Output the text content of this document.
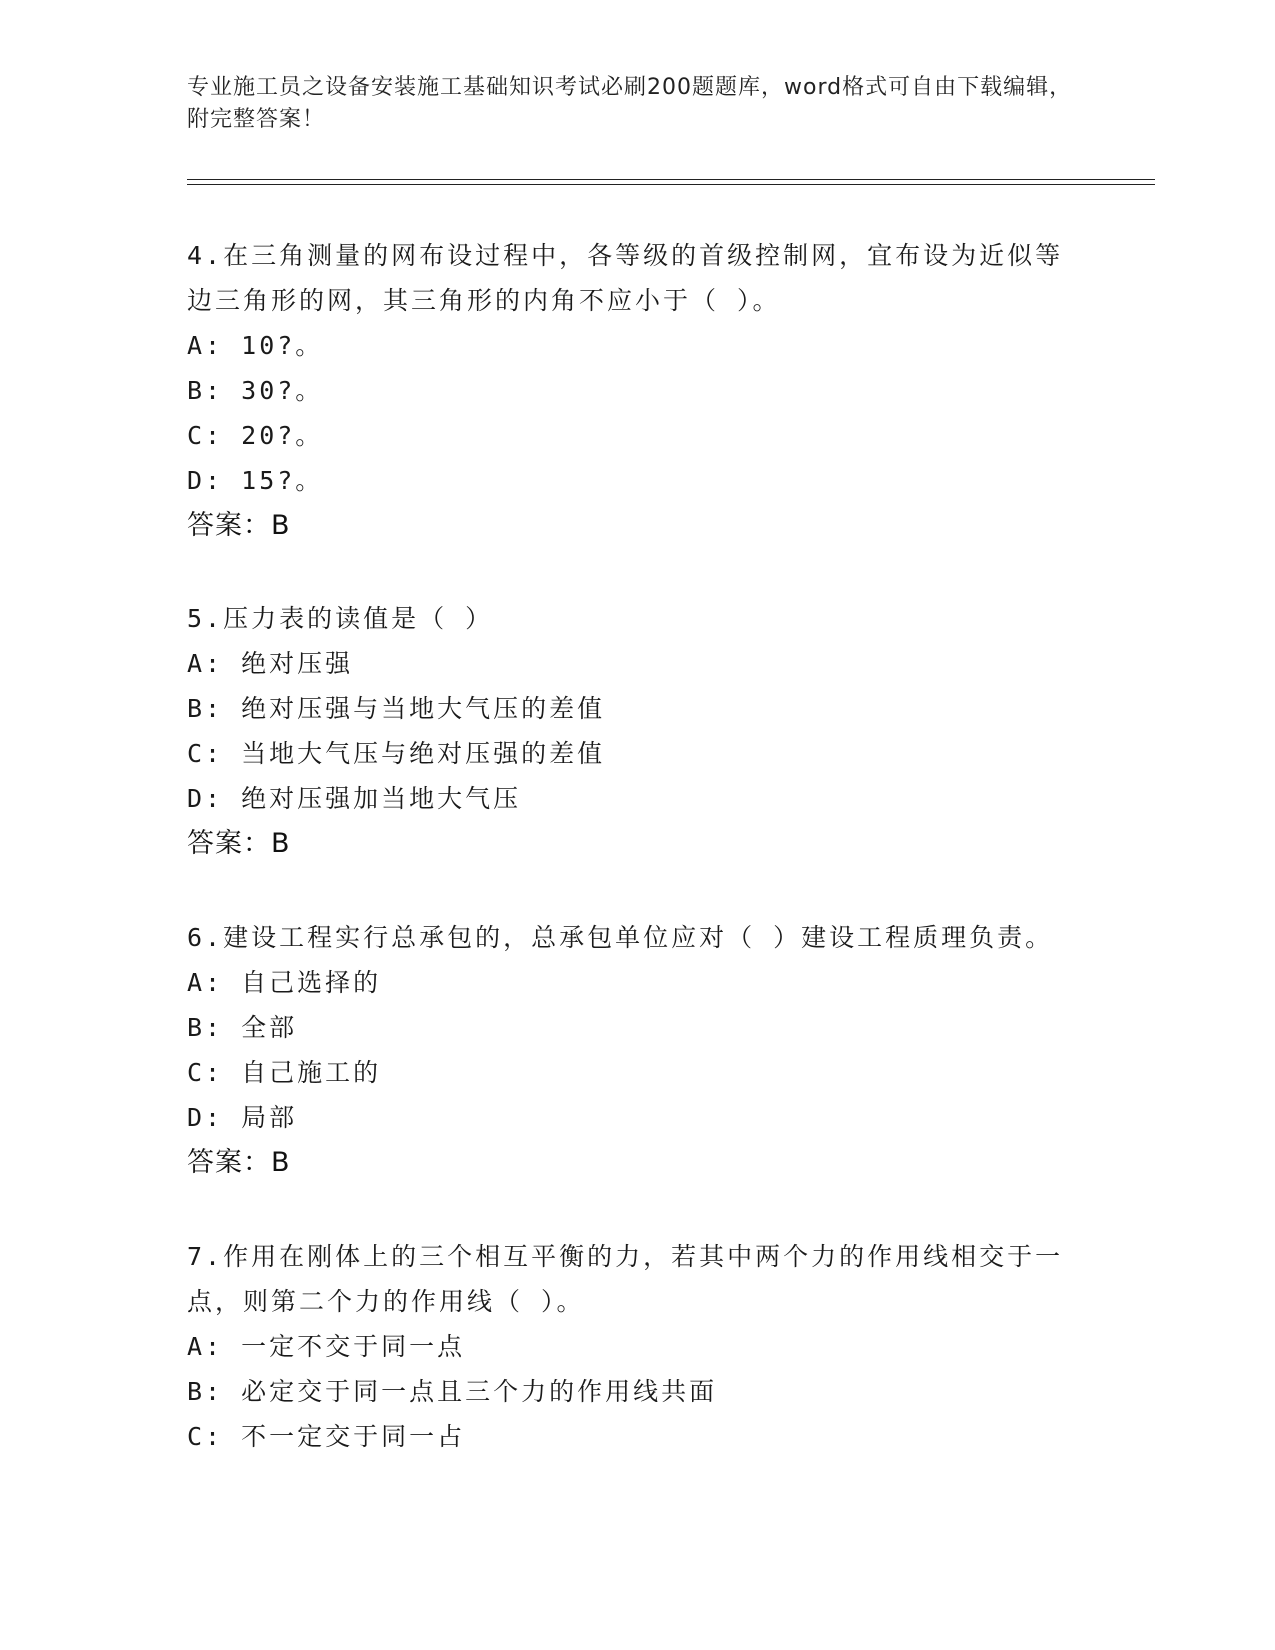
专业施工员之设备安装施工基础知识考试必刷200题题库，word格式可自由下载编辑，附完整答案！
4.在三角测量的网布设过程中，各等级的首级控制网，宜布设为近似等边三角形的网，其三角形的内角不应小于（ ）。
A: 10?。
B: 30?。
C: 20?。
D: 15?。
答案：B
5.压力表的读值是（ ）
A: 绝对压强
B: 绝对压强与当地大气压的差值
C: 当地大气压与绝对压强的差值
D: 绝对压强加当地大气压
答案：B
6.建设工程实行总承包的，总承包单位应对（ ）建设工程质理负责。
A: 自己选择的
B: 全部
C: 自己施工的
D: 局部
答案：B
7.作用在刚体上的三个相互平衡的力，若其中两个力的作用线相交于一点，则第二个力的作用线（ ）。
A: 一定不交于同一点
B: 必定交于同一点且三个力的作用线共面
C: 不一定交于同一占
